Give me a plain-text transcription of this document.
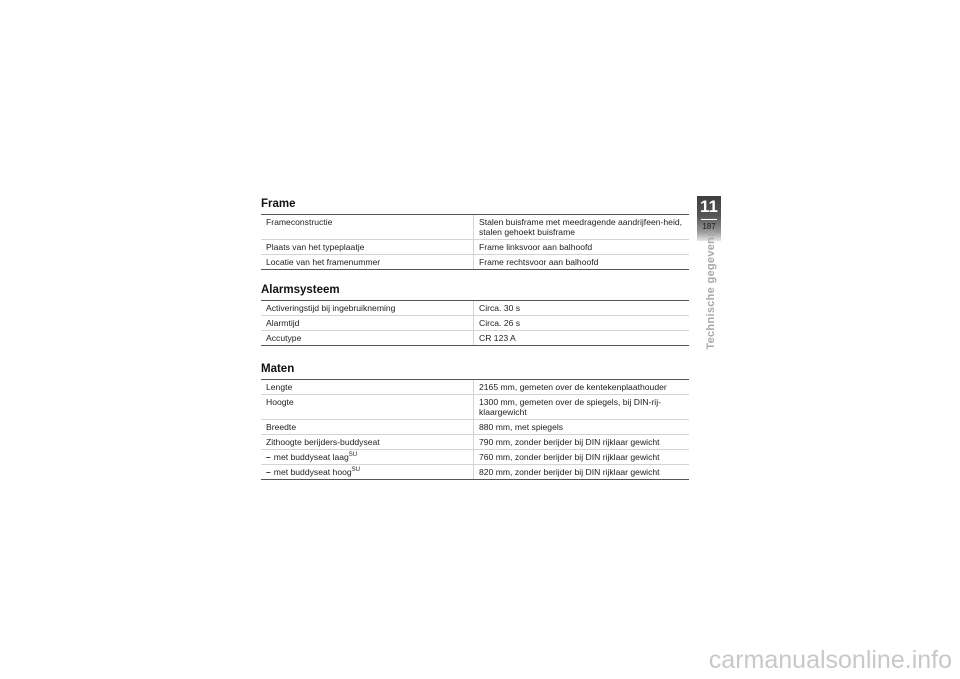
Frame
Frameconstructie	Stalen buisframe met meedragende aandrijfeen-heid, stalen gehoekt buisframe
Plaats van het typeplaatje	Frame linksvoor aan balhoofd
Locatie van het framenummer	Frame rechtsvoor aan balhoofd
Alarmsysteem
Activeringstijd bij ingebruikneming	Circa. 30 s
Alarmtijd	Circa. 26 s
Accutype	CR 123 A
Maten
Lengte	2165 mm, gemeten over de kentekenplaathouder
Hoogte	1300 mm, gemeten over de spiegels, bij DIN-rij-klaargewicht
Breedte	880 mm, met spiegels
Zithoogte berijders-buddyseat	790 mm, zonder berijder bij DIN rijklaar gewicht
– met buddyseat laag$^{SU}$	760 mm, zonder berijder bij DIN rijklaar gewicht
– met buddyseat hoog$^{SU}$	820 mm, zonder berijder bij DIN rijklaar gewicht
11
187
Technische gegevens
carmanualsonline.info
